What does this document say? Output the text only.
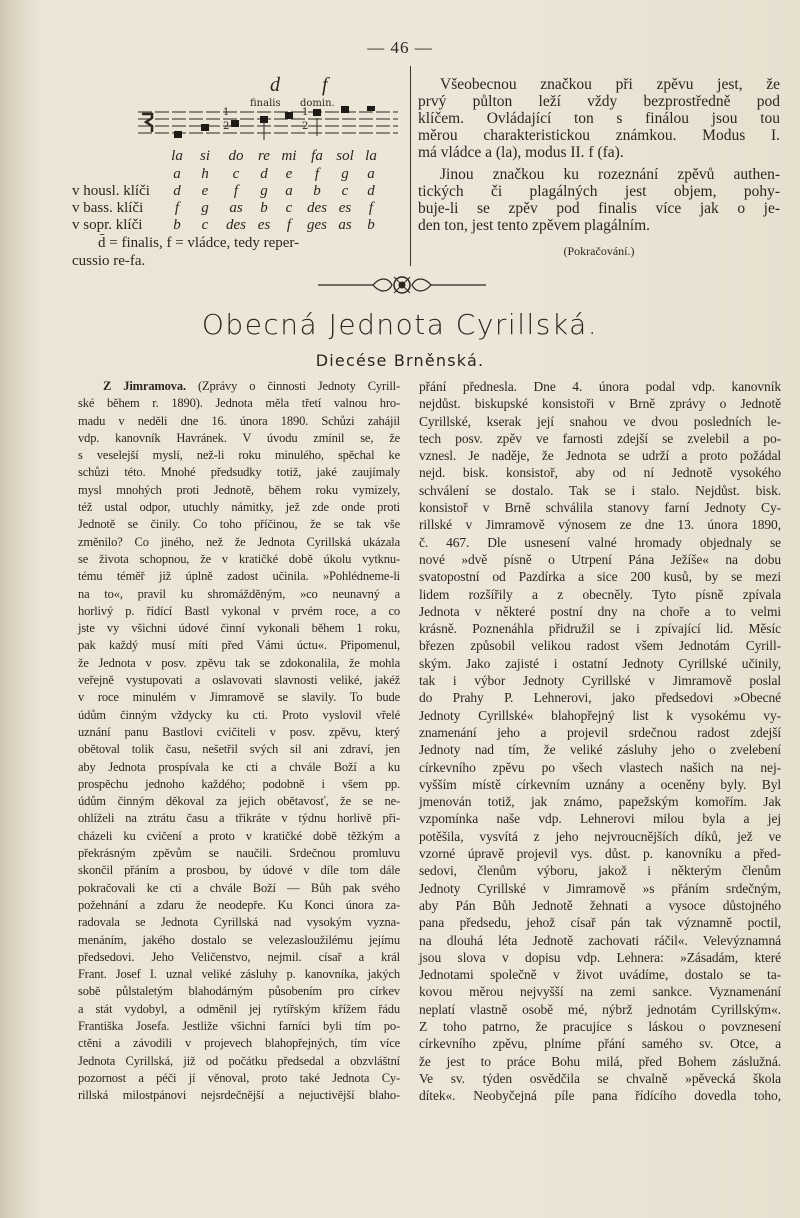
— 46 —
d f
finalis domin.
1
2
1
2
la si do re mi fa sol la
a h c d e f g a
v housl. klíči d e f g a b c d
v bass. klíči f g as b c des es f
v sopr. klíči b c des es f ges as b
d̄ = finalis, f = vládce, tedy reper-
cussio re-fa.
Všeobecnou značkou při zpěvu jest, že
prvý půlton leží vždy bezprostředně pod
klíčem. Ovládající ton s finálou jsou tou
měrou charakteristickou známkou. Modus I.
má vládce a (la), modus II. f (fa).
Jinou značkou ku rozeznání zpěvů authen-
tických či plagálných jest objem, pohy-
buje-li se zpěv pod finalis více jak o je-
den ton, jest tento zpěvem plagálním.
(Pokračování.)
Obecná Jednota Cyrillská.
Diecése Brněnská.
Z Jimramova. (Zprávy o činnosti Jednoty Cyrill-
ské během r. 1890). Jednota měla třetí valnou hro-
madu v neděli dne 16. února 1890. Schůzi zahájil
vdp. kanovník Havránek. V úvodu zmínil se, že
s veselejší myslí, než-li roku minulého, spěchal ke
schůzi této. Mnohé předsudky totiž, jaké zaujímaly
mysl mnohých proti Jednotě, během roku vymizely,
též ustal odpor, utuchly námitky, jež zde onde proti
Jednotě se činily. Co toho příčinou, že se tak vše
změnilo? Co jiného, než že Jednota Cyrillská ukázala
se života schopnou, že v kratičké době úkolu vytknu-
tému téměř již úplně zadost učinila. »Pohlédneme-li
na to«, pravil ku shromážděným, »co neunavný a
horlivý p. řídící Bastl vykonal v prvém roce, a co
jste vy všichni údové činní vykonali během 1 roku,
pak každý musí míti před Vámi úctu«. Připomenul,
že Jednota v posv. zpěvu tak se zdokonalila, že mohla
veřejně vystupovati a oslavovati slavnosti veliké, jakéž
v roce minulém v Jimramově se slavily. To bude
údům činným vždycky ku cti. Proto vyslovil vřelé
uznání panu Bastlovi cvičiteli v posv. zpěvu, který
obětoval tolik času, nešetřil svých sil ani zdraví, jen
aby Jednota prospívala ke cti a chvále Boží a ku
prospěchu jednoho každého; podobně i všem pp.
údům činným děkoval za jejich obětavosť, že se ne-
ohlíželi na ztrátu času a třikráte v týdnu horlivě při-
cházeli ku cvičení a proto v kratičké době těžkým a
překrásným zpěvům se naučili. Srdečnou promluvu
skončil přáním a prosbou, by údové v díle tom dále
pokračovali ke cti a chvále Boží — Bůh pak svého
požehnání a zdaru že neodepře. Ku Konci února za-
radovala se Jednota Cyrillská nad vysokým vyzna-
menáním, jakého dostalo se velezasloužilému jejímu
předsedovi. Jeho Veličenstvo, nejmil. císař a král
Frant. Josef I. uznal veliké zásluhy p. kanovníka, jakých
sobě půlstaletým blahodárným působením pro církev
a stát vydobyl, a odměnil jej rytířským křížem řádu
Františka Josefa. Jestliže všichni farníci byli tím po-
ctěni a závodili v projevech blahopřejných, tím více
Jednota Cyrillská, již od počátku předsedal a obzvláštní
pozornost a péči jí věnoval, proto také Jednota Cy-
rillská milostpánovi nejsrdečnější a nejuctivější blaho-
přání přednesla. Dne 4. února podal vdp. kanovník
nejdůst. biskupské konsistoři v Brně zprávy o Jednotě
Cyrillské, kserak její snahou ve dvou posledních le-
tech posv. zpěv ve farnosti zdejší se zvelebil a po-
vznesl. Je naděje, že Jednota se udrží a proto požádal
nejd. bisk. konsistoř, aby od ní Jednotě vysokého
schválení se dostalo. Tak se i stalo. Nejdůst. bisk.
konsistoř v Brně schválila stanovy farní Jednoty Cy-
rillské v Jimramově výnosem ze dne 13. února 1890,
č. 467. Dle usnesení valné hromady objednaly se
nové »dvě písně o Utrpení Pána Ježíše« na dobu
svatopostní od Pazdírka a sice 200 kusů, by se mezi
lidem rozšířily a z obecněly. Tyto písně zpívala
Jednota v některé postní dny na choře a to velmi
krásně. Poznenáhla přidružil se i zpívající lid. Měsíc
březen způsobil velikou radost všem Jednotám Cyrill-
ským. Jako zajisté i ostatní Jednoty Cyrillské učinily,
tak i výbor Jednoty Cyrillské v Jimramově poslal
do Prahy P. Lehnerovi, jako předsedovi »Obecné
Jednoty Cyrillské« blahopřejný list k vysokému vy-
znamenání jeho a projevil srdečnou radost zdejší
Jednoty nad tím, že veliké zásluhy jeho o zvelebení
církevního zpěvu po všech vlastech našich na nej-
vyšším místě církevním uznány a oceněny byly. Byl
jmenován totiž, jak známo, papežským komořím. Jak
vzpomínka naše vdp. Lehnerovi milou byla a jej
potěšila, vysvítá z jeho nejvroucnějších díků, jež ve
vzorné úpravě projevil vys. důst. p. kanovníku a před-
sedovi, členům výboru, jakož i některým členům
Jednoty Cyrillské v Jimramově »s přáním srdečným,
aby Pán Bůh Jednotě žehnati a vysoce důstojného
pana předsedu, jehož císař pán tak významně poctil,
na dlouhá léta Jednotě zachovati ráčil«. Velevýznamná
jsou slova v dopisu vdp. Lehnera: »Zásadám, které
Jednotami společně v život uvádíme, dostalo se ta-
kovou měrou nejvyšší na zemi sankce. Vyznamenání
neplatí vlastně osobě mé, nýbrž jednotám Cyrillským«.
Z toho patrno, že pracujíce s láskou o povznesení
církevního zpěvu, plníme přání samého sv. Otce, a
že jest to práce Bohu milá, před Bohem záslužná.
Ve sv. týden osvědčila se chvalně »pěvecká škola
dítek«. Neobyčejná píle pana řídícího dovedla toho,
